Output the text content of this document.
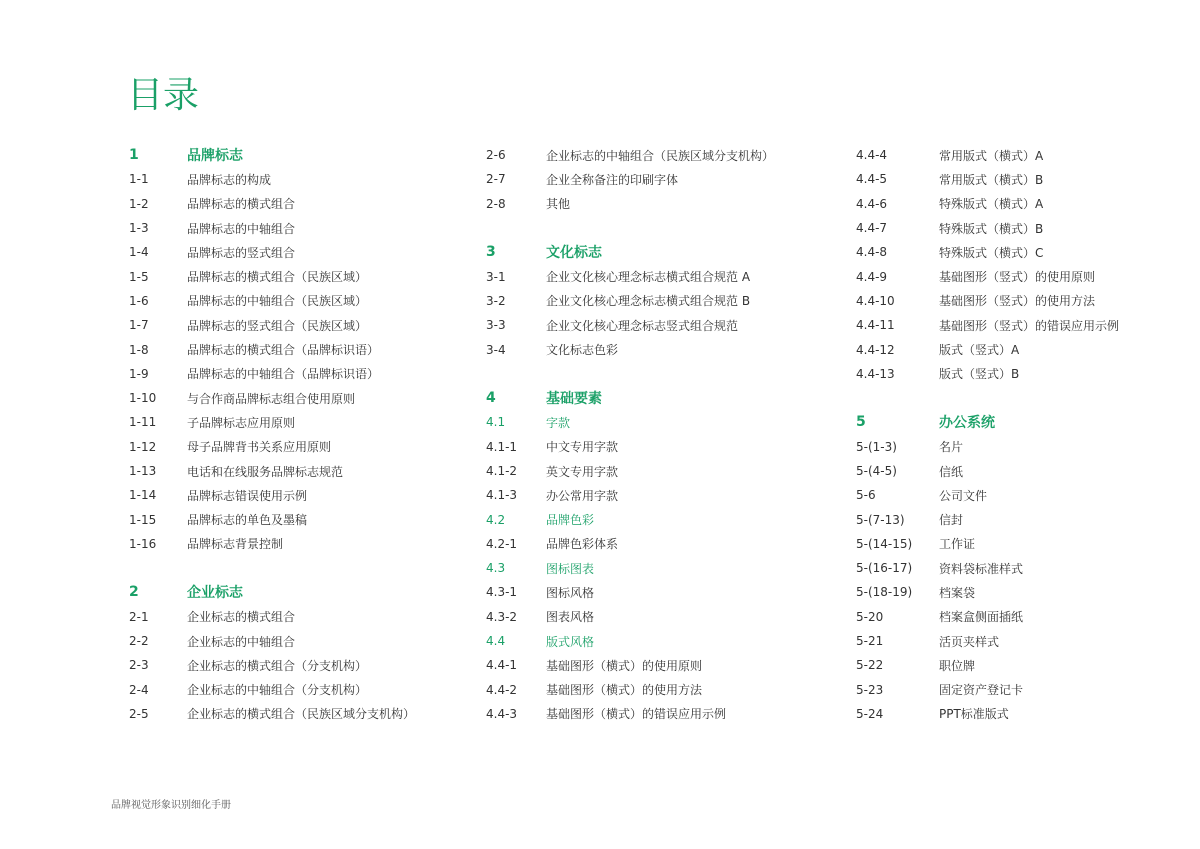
目录
1	品牌标志
1-1	品牌标志的构成
1-2	品牌标志的横式组合
1-3	品牌标志的中轴组合
1-4	品牌标志的竖式组合
1-5	品牌标志的横式组合（民族区域）
1-6	品牌标志的中轴组合（民族区域）
1-7	品牌标志的竖式组合（民族区域）
1-8	品牌标志的横式组合（品牌标识语）
1-9	品牌标志的中轴组合（品牌标识语）
1-10	与合作商品牌标志组合使用原则
1-11	子品牌标志应用原则
1-12	母子品牌背书关系应用原则
1-13	电话和在线服务品牌标志规范
1-14	品牌标志错误使用示例
1-15	品牌标志的单色及墨稿
1-16	品牌标志背景控制
2	企业标志
2-1	企业标志的横式组合
2-2	企业标志的中轴组合
2-3	企业标志的横式组合（分支机构）
2-4	企业标志的中轴组合（分支机构）
2-5	企业标志的横式组合（民族区域分支机构）
2-6	企业标志的中轴组合（民族区域分支机构）
2-7	企业全称备注的印刷字体
2-8	其他
3	文化标志
3-1	企业文化核心理念标志横式组合规范 A
3-2	企业文化核心理念标志横式组合规范 B
3-3	企业文化核心理念标志竖式组合规范
3-4	文化标志色彩
4	基础要素
4.1	字款
4.1-1	中文专用字款
4.1-2	英文专用字款
4.1-3	办公常用字款
4.2	品牌色彩
4.2-1	品牌色彩体系
4.3	图标图表
4.3-1	图标风格
4.3-2	图表风格
4.4	版式风格
4.4-1	基础图形（横式）的使用原则
4.4-2	基础图形（横式）的使用方法
4.4-3	基础图形（横式）的错误应用示例
4.4-4	常用版式（横式）A
4.4-5	常用版式（横式）B
4.4-6	特殊版式（横式）A
4.4-7	特殊版式（横式）B
4.4-8	特殊版式（横式）C
4.4-9	基础图形（竖式）的使用原则
4.4-10	基础图形（竖式）的使用方法
4.4-11	基础图形（竖式）的错误应用示例
4.4-12	版式（竖式）A
4.4-13	版式（竖式）B
5	办公系统
5-(1-3)	名片
5-(4-5)	信纸
5-6	公司文件
5-(7-13)	信封
5-(14-15)	工作证
5-(16-17)	资料袋标准样式
5-(18-19)	档案袋
5-20	档案盒侧面插纸
5-21	活页夹样式
5-22	职位牌
5-23	固定资产登记卡
5-24	PPT标准版式
品牌视觉形象识别细化手册
